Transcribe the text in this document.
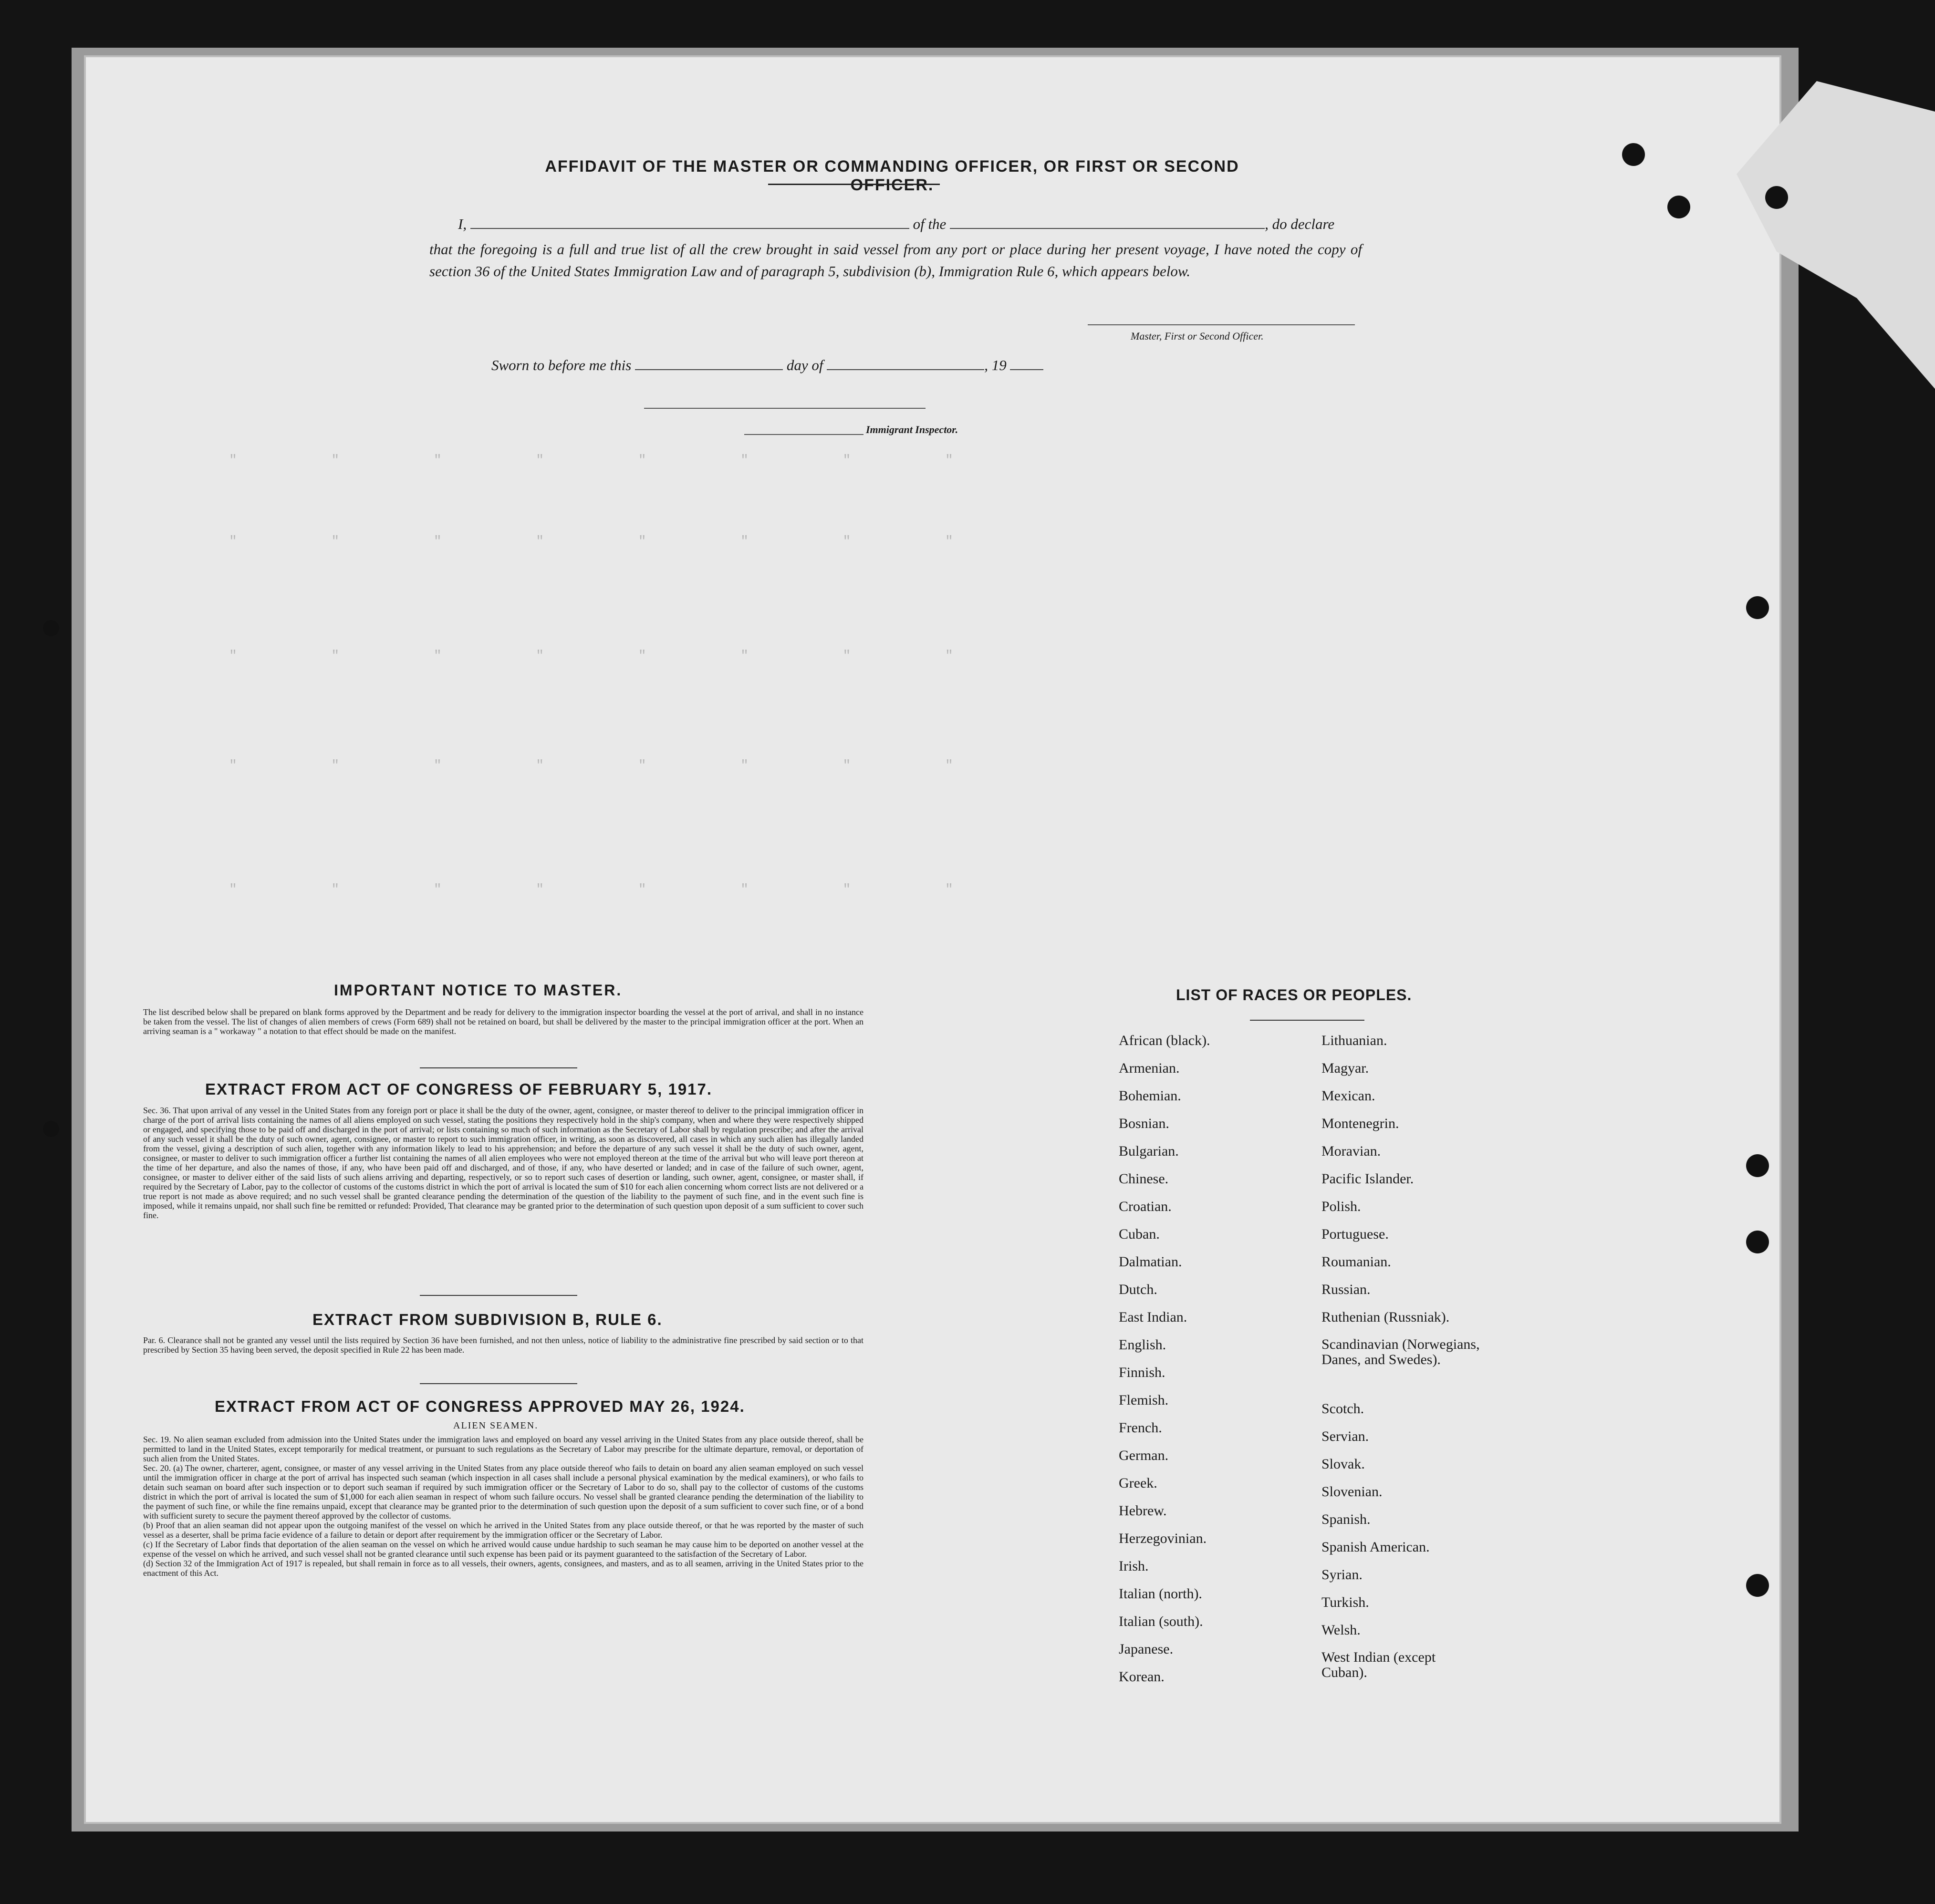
"       "       "       "       "       "       "       "
"       "       "       "       "       "       "       "
"       "       "       "       "       "       "       "
"       "       "       "       "       "       "       "
"       "       "       "       "       "       "       "
AFFIDAVIT OF THE MASTER OR COMMANDING OFFICER, OR FIRST OR SECOND OFFICER.
I,	of the	, do declare
that the foregoing is a full and true list of all the crew brought in said vessel from any port or place during her present voyage, I have noted the copy of section 36 of the United States Immigration Law and of paragraph 5, subdivision (b), Immigration Rule 6, which appears below.
Master, First or Second Officer.
Sworn to before me this	day of	, 19
Immigrant Inspector.
IMPORTANT NOTICE TO MASTER.
The list described below shall be prepared on blank forms approved by the Department and be ready for delivery to the immigration inspector boarding the vessel at the port of arrival, and shall in no instance be taken from the vessel. The list of changes of alien members of crews (Form 689) shall not be retained on board, but shall be delivered by the master to the principal immigration officer at the port. When an arriving seaman is a " workaway " a notation to that effect should be made on the manifest.
EXTRACT FROM ACT OF CONGRESS OF FEBRUARY 5, 1917.
Sec. 36. That upon arrival of any vessel in the United States from any foreign port or place it shall be the duty of the owner, agent, consignee, or master thereof to deliver to the principal immigration officer in charge of the port of arrival lists containing the names of all aliens employed on such vessel, stating the positions they respectively hold in the ship's company, when and where they were respectively shipped or engaged, and specifying those to be paid off and discharged in the port of arrival; or lists containing so much of such information as the Secretary of Labor shall by regulation prescribe; and after the arrival of any such vessel it shall be the duty of such owner, agent, consignee, or master to report to such immigration officer, in writing, as soon as discovered, all cases in which any such alien has illegally landed from the vessel, giving a description of such alien, together with any information likely to lead to his apprehension; and before the departure of any such vessel it shall be the duty of such owner, agent, consignee, or master to deliver to such immigration officer a further list containing the names of all alien employees who were not employed thereon at the time of the arrival but who will leave port thereon at the time of her departure, and also the names of those, if any, who have been paid off and discharged, and of those, if any, who have deserted or landed; and in case of the failure of such owner, agent, consignee, or master to deliver either of the said lists of such aliens arriving and departing, respectively, or so to report such cases of desertion or landing, such owner, agent, consignee, or master shall, if required by the Secretary of Labor, pay to the collector of customs of the customs district in which the port of arrival is located the sum of $10 for each alien concerning whom correct lists are not delivered or a true report is not made as above required; and no such vessel shall be granted clearance pending the determination of the question of the liability to the payment of such fine, and in the event such fine is imposed, while it remains unpaid, nor shall such fine be remitted or refunded: Provided, That clearance may be granted prior to the determination of such question upon deposit of a sum sufficient to cover such fine.
EXTRACT FROM SUBDIVISION B, RULE 6.
Par. 6. Clearance shall not be granted any vessel until the lists required by Section 36 have been furnished, and not then unless, notice of liability to the administrative fine prescribed by said section or to that prescribed by Section 35 having been served, the deposit specified in Rule 22 has been made.
EXTRACT FROM ACT OF CONGRESS APPROVED MAY 26, 1924.
ALIEN SEAMEN.
Sec. 19. No alien seaman excluded from admission into the United States under the immigration laws and employed on board any vessel arriving in the United States from any place outside thereof, shall be permitted to land in the United States, except temporarily for medical treatment, or pursuant to such regulations as the Secretary of Labor may prescribe for the ultimate departure, removal, or deportation of such alien from the United States.
Sec. 20. (a) The owner, charterer, agent, consignee, or master of any vessel arriving in the United States from any place outside thereof who fails to detain on board any alien seaman employed on such vessel until the immigration officer in charge at the port of arrival has inspected such seaman (which inspection in all cases shall include a personal physical examination by the medical examiners), or who fails to detain such seaman on board after such inspection or to deport such seaman if required by such immigration officer or the Secretary of Labor to do so, shall pay to the collector of customs of the customs district in which the port of arrival is located the sum of $1,000 for each alien seaman in respect of whom such failure occurs. No vessel shall be granted clearance pending the determination of the liability to the payment of such fine, or while the fine remains unpaid, except that clearance may be granted prior to the determination of such question upon the deposit of a sum sufficient to cover such fine, or of a bond with sufficient surety to secure the payment thereof approved by the collector of customs.
(b) Proof that an alien seaman did not appear upon the outgoing manifest of the vessel on which he arrived in the United States from any place outside thereof, or that he was reported by the master of such vessel as a deserter, shall be prima facie evidence of a failure to detain or deport after requirement by the immigration officer or the Secretary of Labor.
(c) If the Secretary of Labor finds that deportation of the alien seaman on the vessel on which he arrived would cause undue hardship to such seaman he may cause him to be deported on another vessel at the expense of the vessel on which he arrived, and such vessel shall not be granted clearance until such expense has been paid or its payment guaranteed to the satisfaction of the Secretary of Labor.
(d) Section 32 of the Immigration Act of 1917 is repealed, but shall remain in force as to all vessels, their owners, agents, consignees, and masters, and as to all seamen, arriving in the United States prior to the enactment of this Act.
LIST OF RACES OR PEOPLES.
African (black).
Armenian.
Bohemian.
Bosnian.
Bulgarian.
Chinese.
Croatian.
Cuban.
Dalmatian.
Dutch.
East Indian.
English.
Finnish.
Flemish.
French.
German.
Greek.
Hebrew.
Herzegovinian.
Irish.
Italian (north).
Italian (south).
Japanese.
Korean.
Lithuanian.
Magyar.
Mexican.
Montenegrin.
Moravian.
Pacific Islander.
Polish.
Portuguese.
Roumanian.
Russian.
Ruthenian (Russniak).
Scandinavian (Norwegians, Danes, and Swedes).
Scotch.
Servian.
Slovak.
Slovenian.
Spanish.
Spanish American.
Syrian.
Turkish.
Welsh.
West Indian (except Cuban).
